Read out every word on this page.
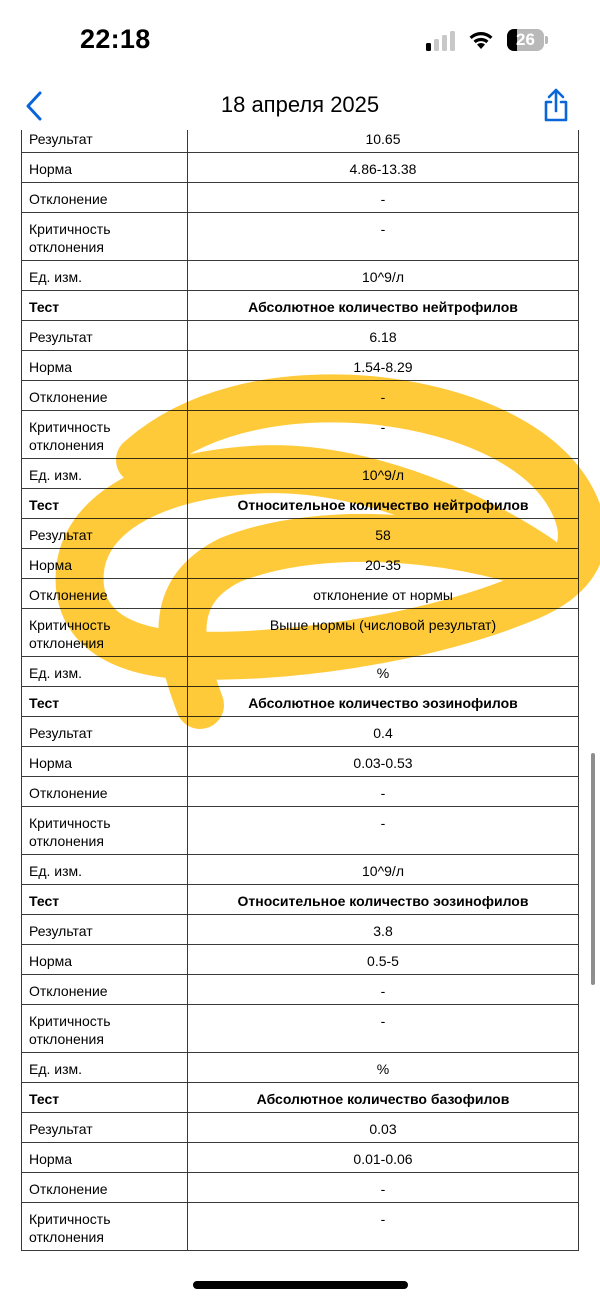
22:18	26
18 апреля 2025
Результат	10.65
Норма	4.86-13.38
Отклонение	-
Критичность отклонения	-
Ед. изм.	10^9/л
Тест	Абсолютное количество нейтрофилов
Результат	6.18
Норма	1.54-8.29
Отклонение	-
Критичность отклонения	-
Ед. изм.	10^9/л
Тест	Относительное количество нейтрофилов
Результат	58
Норма	20-35
Отклонение	отклонение от нормы
Критичность отклонения	Выше нормы (числовой результат)
Ед. изм.	%
Тест	Абсолютное количество эозинофилов
Результат	0.4
Норма	0.03-0.53
Отклонение	-
Критичность отклонения	-
Ед. изм.	10^9/л
Тест	Относительное количество эозинофилов
Результат	3.8
Норма	0.5-5
Отклонение	-
Критичность отклонения	-
Ед. изм.	%
Тест	Абсолютное количество базофилов
Результат	0.03
Норма	0.01-0.06
Отклонение	-
Критичность отклонения	-
